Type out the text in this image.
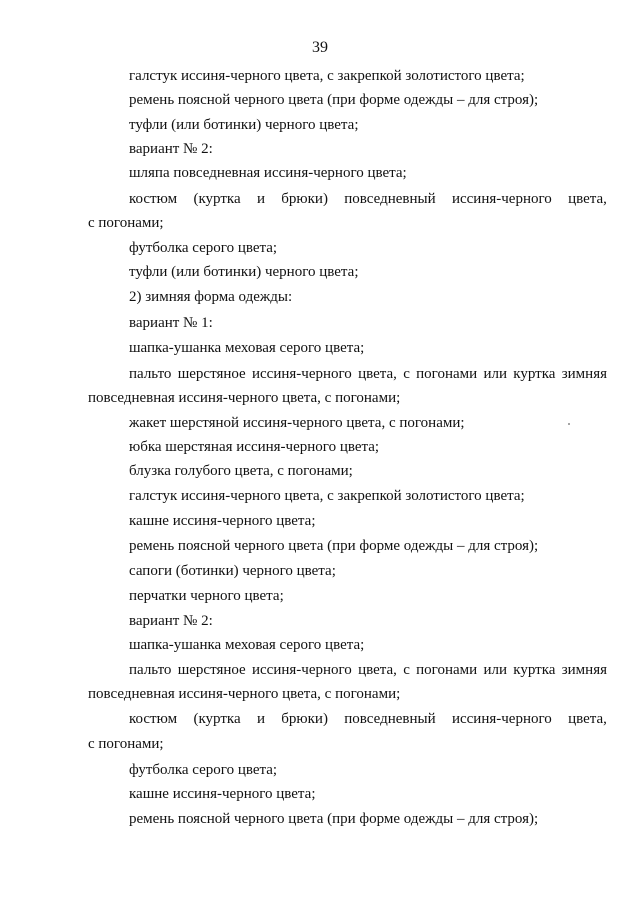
39
галстук иссиня-черного цвета, с закрепкой золотистого цвета;
ремень поясной черного цвета (при форме одежды – для строя);
туфли (или ботинки) черного цвета;
вариант № 2:
шляпа повседневная иссиня-черного цвета;
костюм (куртка и брюки) повседневный иссиня-черного цвета,
с погонами;
футболка серого цвета;
туфли (или ботинки) черного цвета;
2) зимняя форма одежды:
вариант № 1:
шапка-ушанка меховая серого цвета;
пальто шерстяное иссиня-черного цвета, с погонами или куртка зимняя
повседневная иссиня-черного цвета, с погонами;
жакет шерстяной иссиня-черного цвета, с погонами;
юбка шерстяная иссиня-черного цвета;
блузка голубого цвета, с погонами;
галстук иссиня-черного цвета, с закрепкой золотистого цвета;
кашне иссиня-черного цвета;
ремень поясной черного цвета (при форме одежды – для строя);
сапоги (ботинки) черного цвета;
перчатки черного цвета;
вариант № 2:
шапка-ушанка меховая серого цвета;
пальто шерстяное иссиня-черного цвета, с погонами или куртка зимняя
повседневная иссиня-черного цвета, с погонами;
костюм (куртка и брюки) повседневный иссиня-черного цвета,
с погонами;
футболка серого цвета;
кашне иссиня-черного цвета;
ремень поясной черного цвета (при форме одежды – для строя);
